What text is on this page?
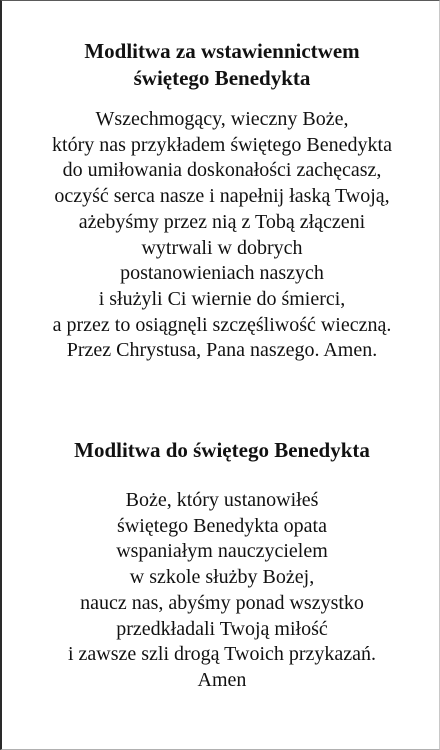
Modlitwa za wstawiennictwem
świętego Benedykta

Wszechmogący, wieczny Boże,
który nas przykładem świętego Benedykta
do umiłowania doskonałości zachęcasz,
oczyść serca nasze i napełnij łaską Twoją,
ażebyśmy przez nią z Tobą złączeni
wytrwali w dobrych
postanowieniach naszych
i służyli Ci wiernie do śmierci,
a przez to osiągnęli szczęśliwość wieczną.
Przez Chrystusa, Pana naszego. Amen.

Modlitwa do świętego Benedykta

Boże, który ustanowiłeś
świętego Benedykta opata
wspaniałym nauczycielem
w szkole służby Bożej,
naucz nas, abyśmy ponad wszystko
przedkładali Twoją miłość
i zawsze szli drogą Twoich przykazań.
Amen
